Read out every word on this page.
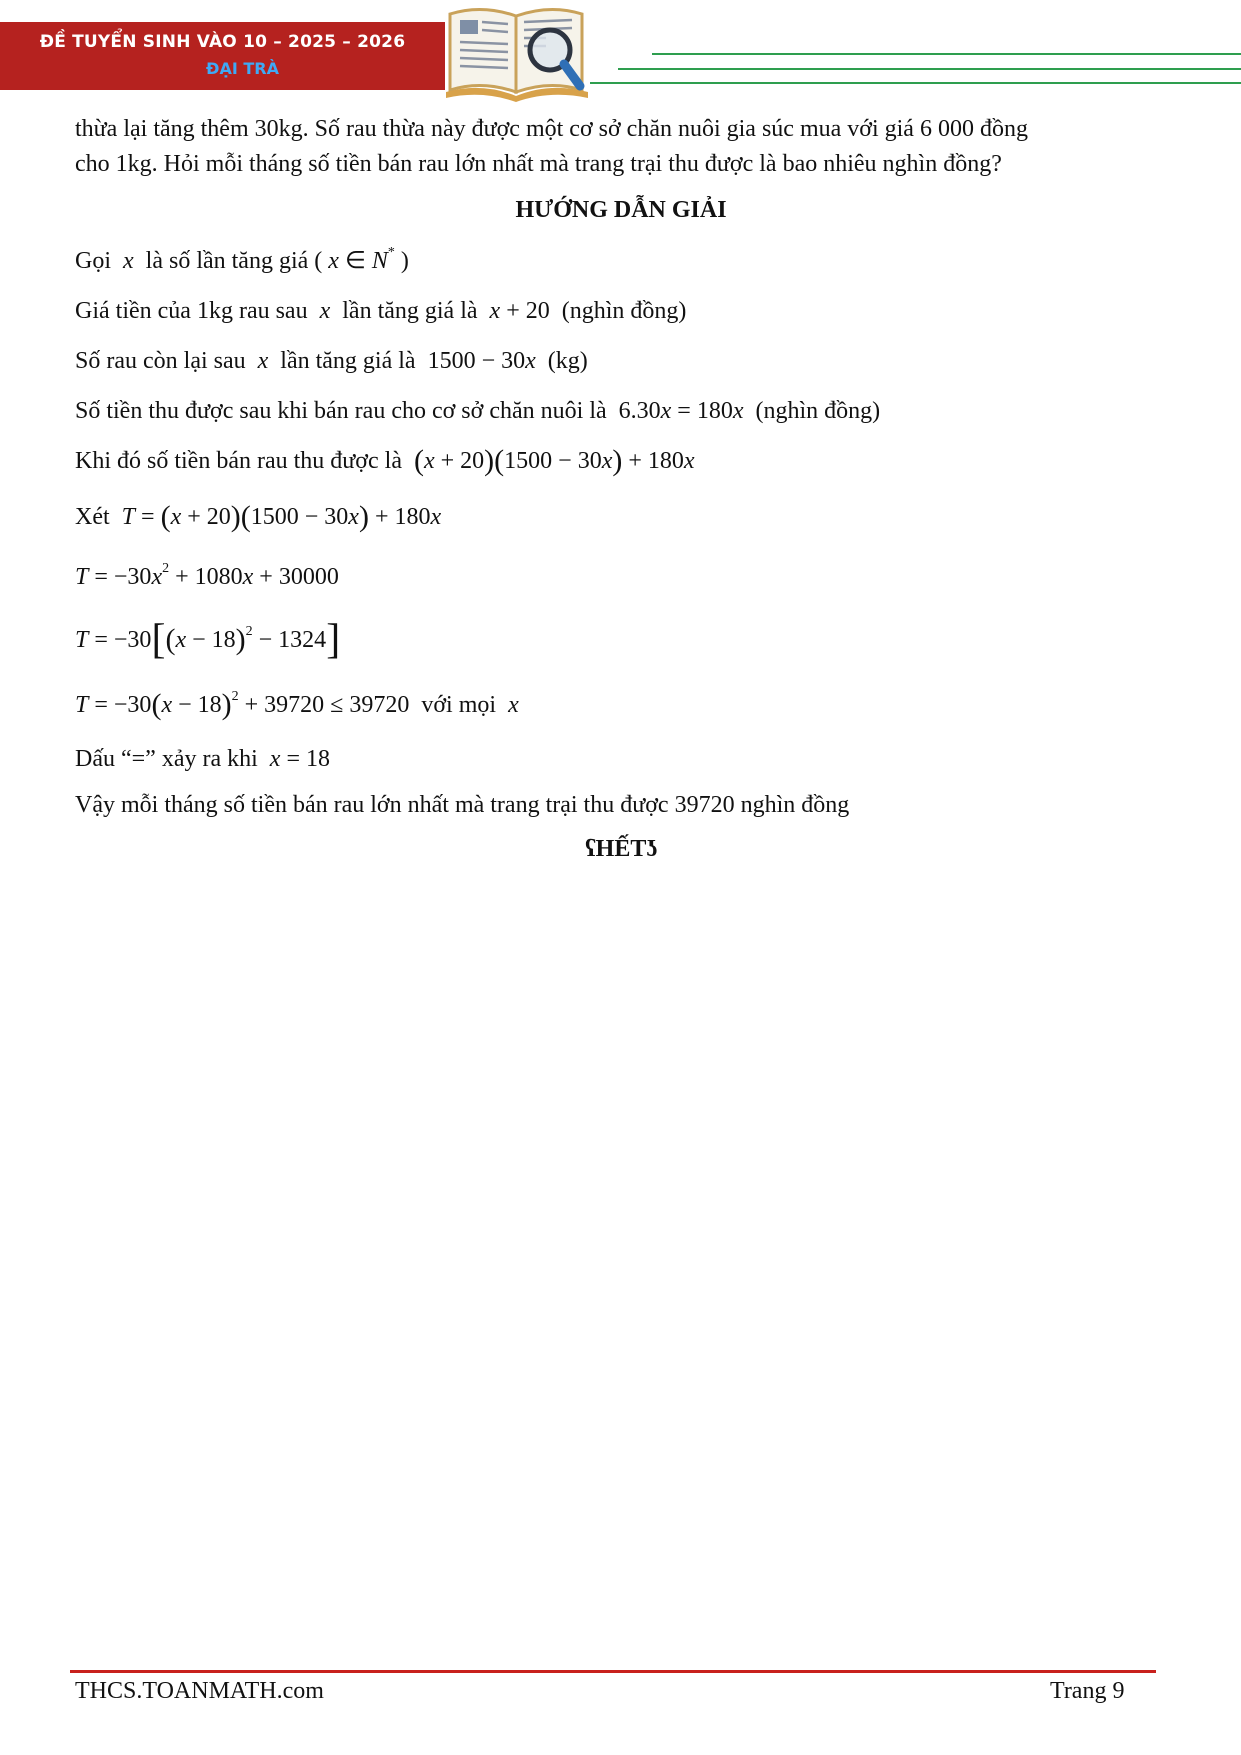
ĐỀ TUYỂN SINH VÀO 10 – 2025 – 2026
ĐẠI TRÀ

thừa lại tăng thêm 30kg. Số rau thừa này được một cơ sở chăn nuôi gia súc mua với giá 6 000 đồng

cho 1kg. Hỏi mỗi tháng số tiền bán rau lớn nhất mà trang trại thu được là bao nhiêu nghìn đồng?

HƯỚNG DẪN GIẢI
Gọi  x  là số lần tăng giá ( x ∈ N* )
Giá tiền của 1kg rau sau  x  lần tăng giá là x + 20  (nghìn đồng)
Số rau còn lại sau  x  lần tăng giá là  1500 − 30x (kg)
Số tiền thu được sau khi bán rau cho cơ sở chăn nuôi là  6.30x = 180x (nghìn đồng)
Khi đó số tiền bán rau thu được là (x + 20)(1500 − 30x) + 180x
Xét T = (x + 20)(1500 − 30x) + 180x
$T = -30x^2 + 1080x + 30000$
$T = -30[(x - 18)^2 - 1324]$
$T = -30(x - 18)^2 + 39720 \le 39720$  với mọi  x
Dấu “=” xảy ra khi x = 18
Vậy mỗi tháng số tiền bán rau lớn nhất mà trang trại thu được 39720 nghìn đồng
ʕHẾTʖ
THCS.TOANMATH.com	Trang 9
